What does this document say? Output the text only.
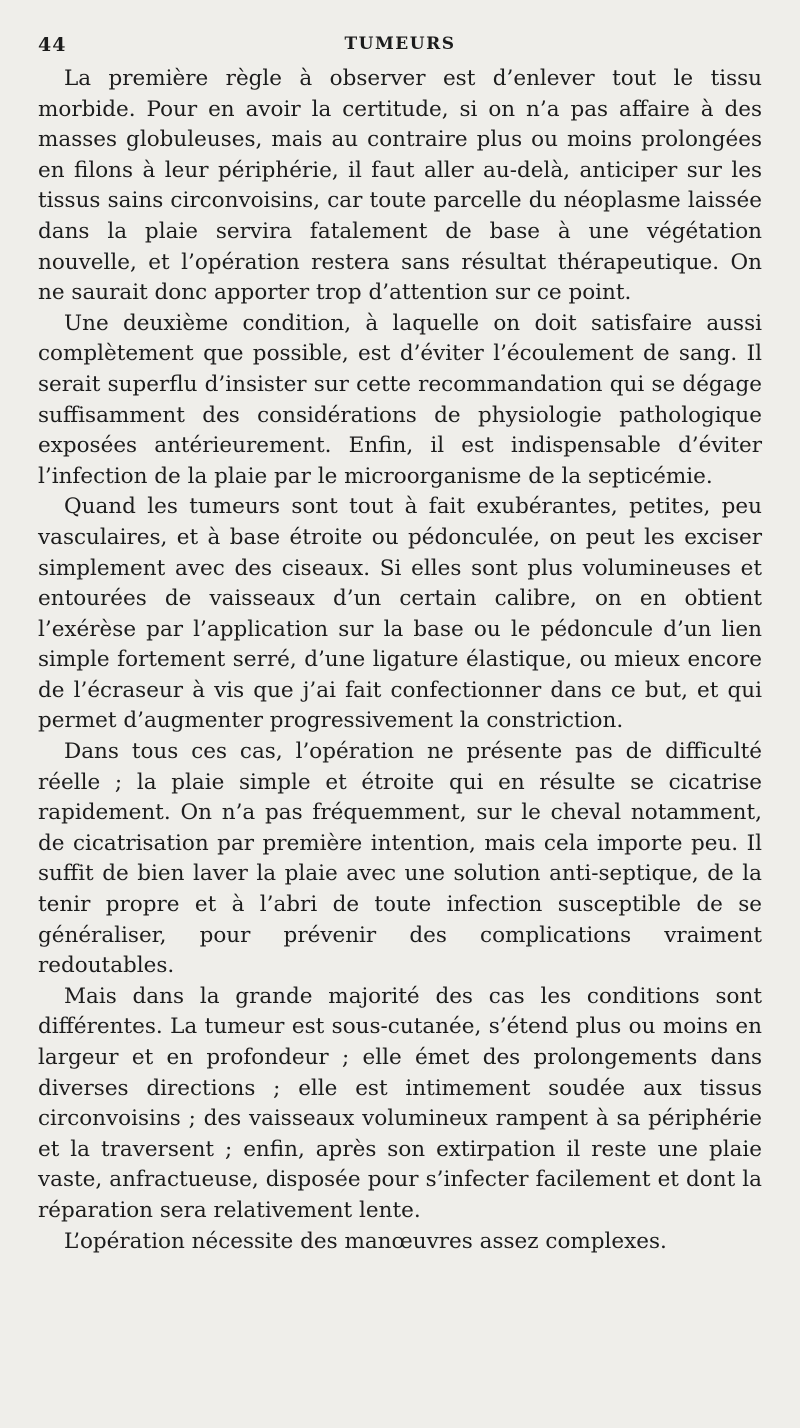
44	TUMEURS

La première règle à observer est d’enlever tout le tissu morbide. Pour en avoir la certitude, si on n’a pas affaire à des masses globuleuses, mais au contraire plus ou moins prolongées en filons à leur périphérie, il faut aller au-delà, anticiper sur les tissus sains circonvoisins, car toute parcelle du néoplasme laissée dans la plaie servira fatalement de base à une végétation nouvelle, et l’opération restera sans résultat thérapeutique. On ne saurait donc apporter trop d’attention sur ce point.

Une deuxième condition, à laquelle on doit satisfaire aussi complètement que possible, est d’éviter l’écoulement de sang. Il serait superflu d’insister sur cette recommandation qui se dégage suffisamment des considérations de physiologie pathologique exposées antérieurement. Enfin, il est indispensable d’éviter l’infection de la plaie par le microorganisme de la septicémie.

Quand les tumeurs sont tout à fait exubérantes, petites, peu vasculaires, et à base étroite ou pédonculée, on peut les exciser simplement avec des ciseaux. Si elles sont plus volumineuses et entourées de vaisseaux d’un certain calibre, on en obtient l’exérèse par l’application sur la base ou le pédoncule d’un lien simple fortement serré, d’une ligature élastique, ou mieux encore de l’écraseur à vis que j’ai fait confectionner dans ce but, et qui permet d’augmenter progressivement la constriction.

Dans tous ces cas, l’opération ne présente pas de difficulté réelle ; la plaie simple et étroite qui en résulte se cicatrise rapidement. On n’a pas fréquemment, sur le cheval notamment, de cicatrisation par première intention, mais cela importe peu. Il suffit de bien laver la plaie avec une solution anti-septique, de la tenir propre et à l’abri de toute infection susceptible de se généraliser, pour prévenir des complications vraiment redoutables.

Mais dans la grande majorité des cas les conditions sont différentes. La tumeur est sous-cutanée, s’étend plus ou moins en largeur et en profondeur ; elle émet des prolongements dans diverses directions ; elle est intimement soudée aux tissus circonvoisins ; des vaisseaux volumineux rampent à sa périphérie et la traversent ; enfin, après son extirpation il reste une plaie vaste, anfractueuse, disposée pour s’infecter facilement et dont la réparation sera relativement lente.

L’opération nécessite des manœuvres assez complexes.
